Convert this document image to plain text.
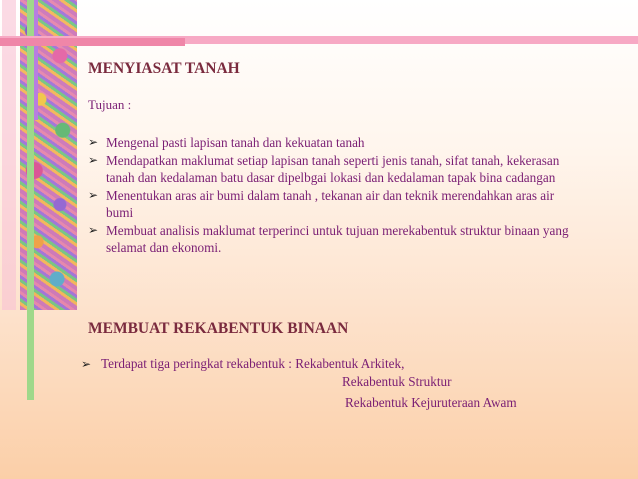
MENYIASAT TANAH
Tujuan :
➢ Mengenal pasti lapisan tanah dan kekuatan tanah
➢ Mendapatkan maklumat setiap lapisan tanah seperti jenis tanah, sifat tanah, kekerasan tanah dan kedalaman batu dasar dipelbgai lokasi dan kedalaman tapak bina cadangan
➢ Menentukan aras air bumi dalam tanah , tekanan air dan teknik merendahkan aras air bumi
➢ Membuat analisis maklumat terperinci untuk tujuan merekabentuk struktur binaan yang selamat dan ekonomi.
MEMBUAT REKABENTUK BINAAN
➢ Terdapat tiga peringkat rekabentuk : Rekabentuk Arkitek,
Rekabentuk Struktur
Rekabentuk Kejuruteraan Awam
